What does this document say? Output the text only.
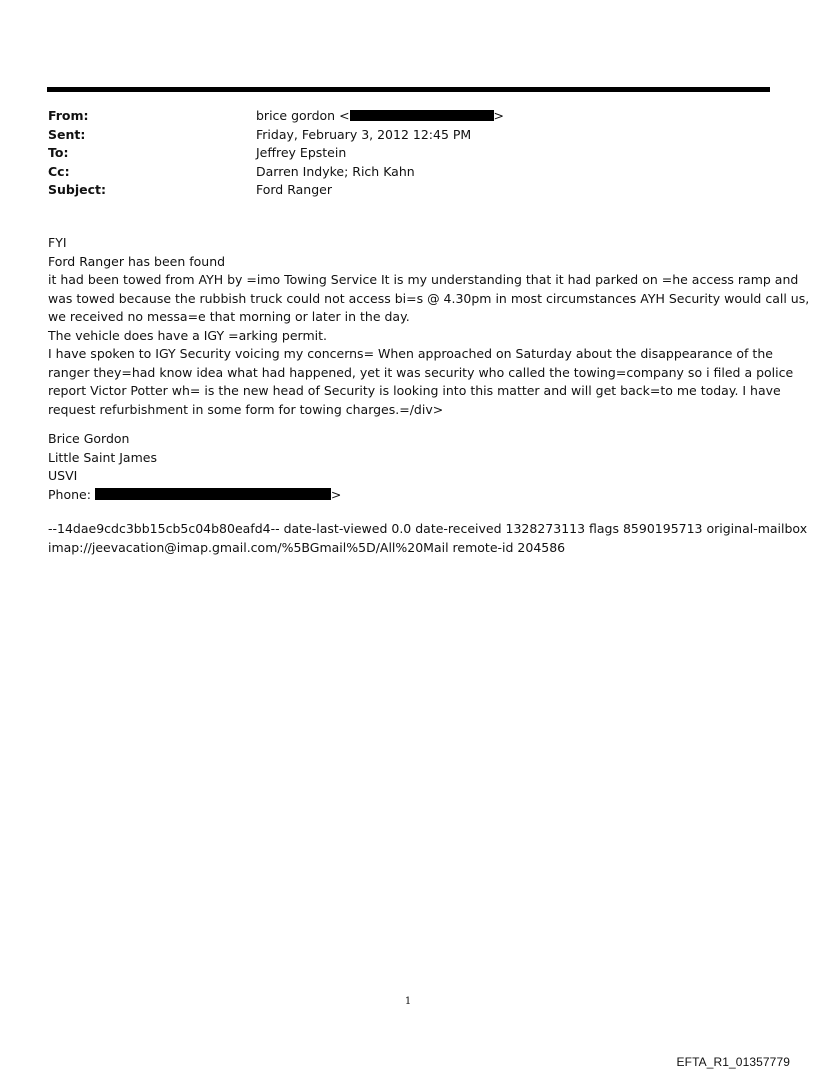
From:	brice gordon <	>
Sent:	Friday, February 3, 2012 12:45 PM
To:	Jeffrey Epstein
Cc:	Darren Indyke; Rich Kahn
Subject:	Ford Ranger
FYI
Ford Ranger has been found
it had been towed from AYH by =imo Towing Service It is my understanding that it had parked on =he access ramp and
was towed because the rubbish truck could not access bi=s @ 4.30pm in most circumstances AYH Security would call us,
we received no messa=e that morning or later in the day.
The vehicle does have a IGY =arking permit.
I have spoken to IGY Security voicing my concerns= When approached on Saturday about the disappearance of the
ranger they=had know idea what had happened, yet it was security who called the towing=company so i filed a police
report Victor Potter wh= is the new head of Security is looking into this matter and will get back=to me today. I have
request refurbishment in some form for towing charges.=/div>
Brice Gordon
Little Saint James
USVI
Phone:	>
--14dae9cdc3bb15cb5c04b80eafd4-- date-last-viewed 0.0 date-received 1328273113 flags 8590195713 original-mailbox
imap://jeevacation@imap.gmail.com/%5BGmail%5D/All%20Mail remote-id 204586
1
EFTA_R1_01357779
